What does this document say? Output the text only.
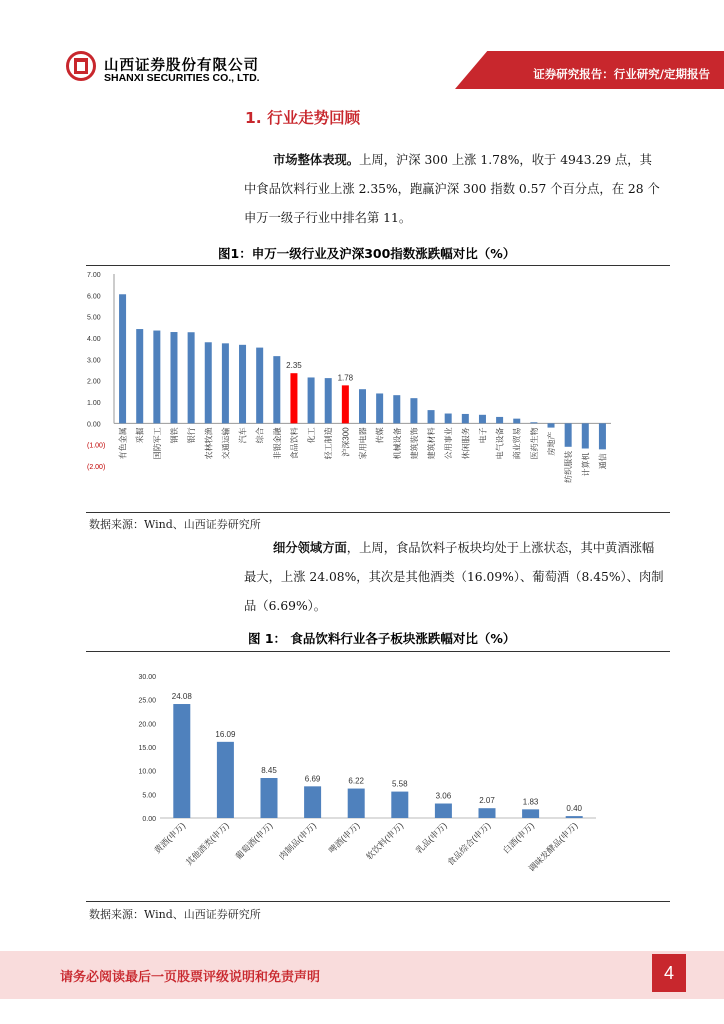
山西证券股份有限公司
SHANXI SECURITIES CO., LTD.	证券研究报告：行业研究/定期报告
1. 行业走势回顾
市场整体表现。上周，沪深 300 上涨 1.78%，收于 4943.29 点，其中食品饮料行业上涨 2.35%，跑赢沪深 300 指数 0.57 个百分点，在 28 个申万一级子行业中排名第 11。
图1：申万一级行业及沪深300指数涨跌幅对比（%）
7.00
6.00
5.00
4.00
3.00
2.00
1.00
0.00
(1.00)
(2.00)
有色金属 采掘 国防军工 钢铁 银行 农林牧渔 交通运输 汽车 综合 非银金融 食品饮料
2.35
化工 轻工制造 沪深300
1.78
家用电器 传媒 机械设备 建筑装饰 建筑材料 公用事业 休闲服务 电子 电气设备 商业贸易 医药生物 房地产
纺织服装 计算机 通信
数据来源：Wind、山西证券研究所
细分领域方面，上周，食品饮料子板块均处于上涨状态，其中黄酒涨幅最大，上涨 24.08%，其次是其他酒类（16.09%）、葡萄酒（8.45%）、肉制品（6.69%）。
图 1： 食品饮料行业各子板块涨跌幅对比（%）
30.00
25.00
20.00
15.00
10.00
5.00
0.00
24.08
黄酒(申万)
16.09
其他酒类(申万)
8.45
葡萄酒(申万)
6.69
肉制品(申万)
6.22
啤酒(申万)
5.58
软饮料(申万)
3.06
乳品(申万)
2.07
食品综合(申万)
1.83
白酒(申万)
0.40
调味发酵品(申万)
数据来源：Wind、山西证券研究所
请务必阅读最后一页股票评级说明和免责声明	4
